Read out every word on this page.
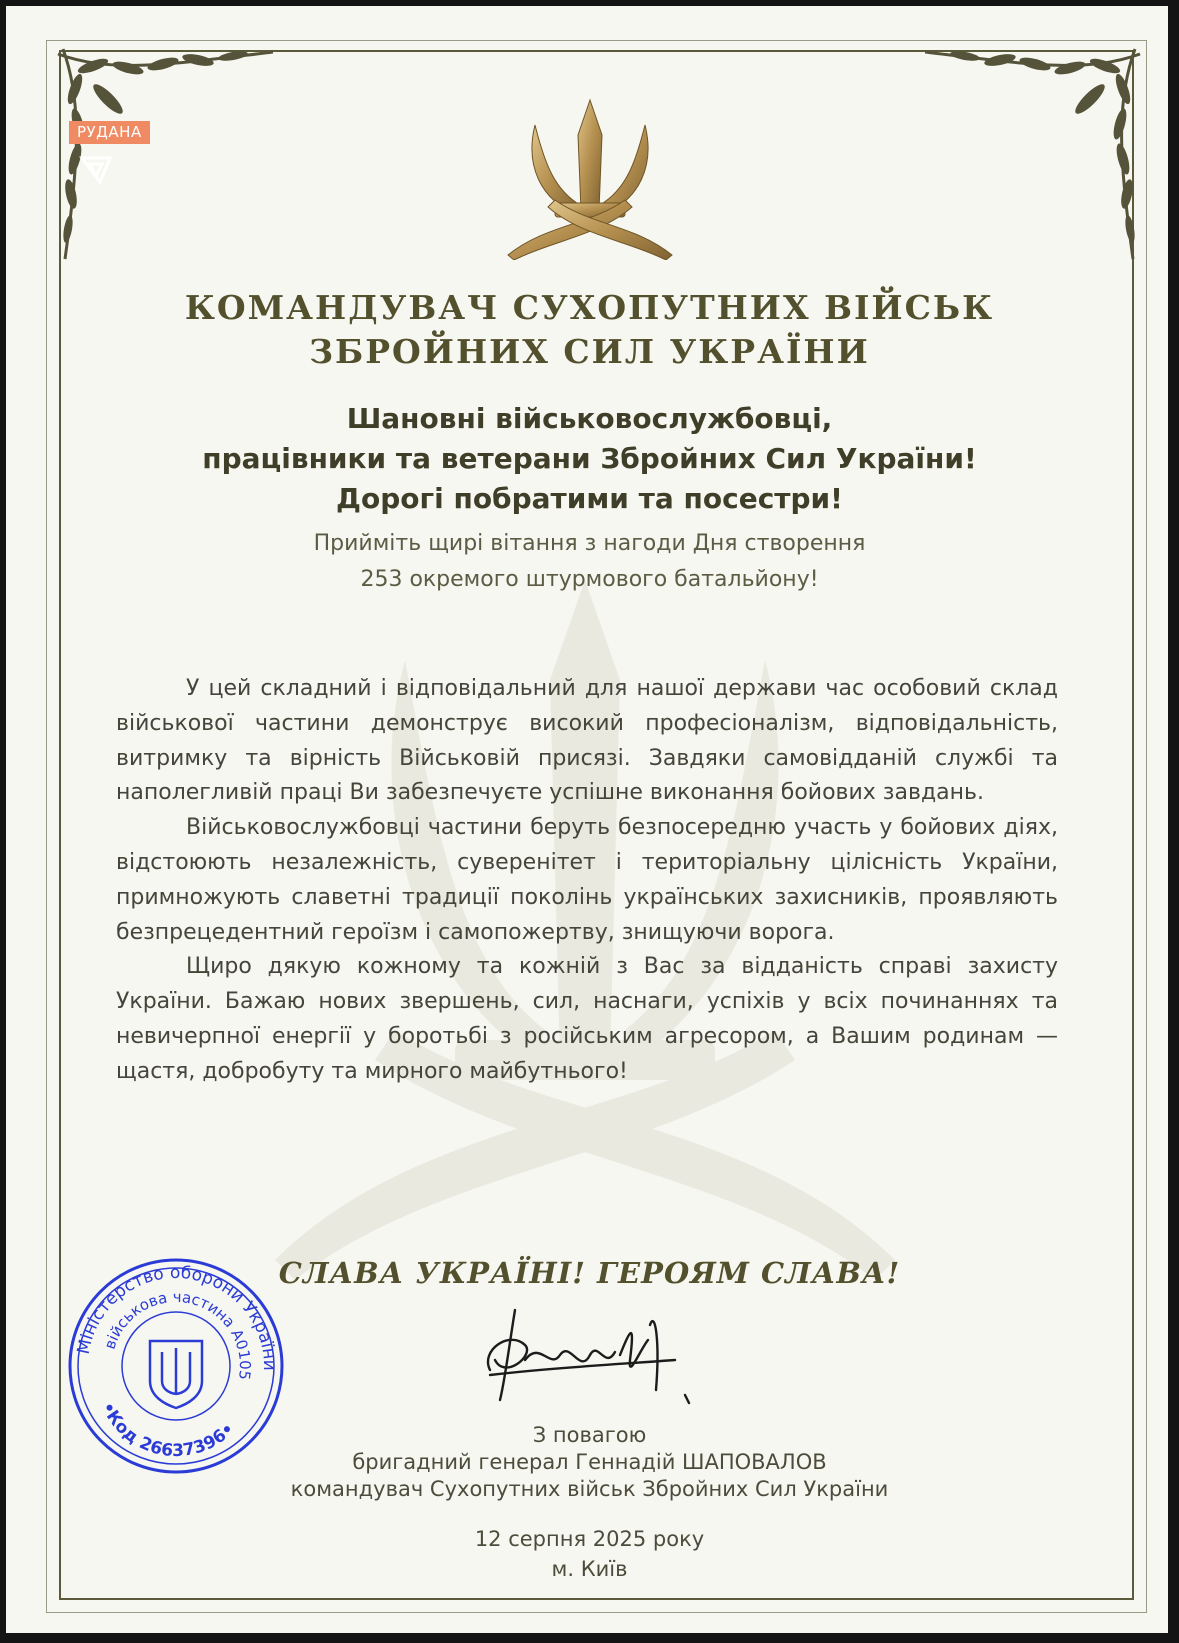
РУДАНА
КОМАНДУВАЧ СУХОПУТНИХ ВІЙСЬК
ЗБРОЙНИХ СИЛ УКРАЇНИ
Шановні військовослужбовці,
працівники та ветерани Збройних Сил України!
Дорогі побратими та посестри!
Прийміть щирі вітання з нагоди Дня створення
253 окремого штурмового батальйону!

У цей складний і відповідальний для нашої держави час особовий склад військової частини демонструє високий професіоналізм, відповідальність, витримку та вірність Військовій присязі. Завдяки самовідданій службі та наполегливій праці Ви забезпечуєте успішне виконання бойових завдань.

Військовослужбовці частини беруть безпосередню участь у бойових діях, відстоюють незалежність, суверенітет і територіальну цілісність України, примножують славетні традиції поколінь українських захисників, проявляють безпрецедентний героїзм і самопожертву, знищуючи ворога.

Щиро дякую кожному та кожній з Вас за відданість справі захисту України. Бажаю нових звершень, сил, наснаги, успіхів у всіх починаннях та невичерпної енергії у боротьбі з російським агресором, а Вашим родинам — щастя, добробуту та мирного майбутнього!

СЛАВА УКРАЇНІ! ГЕРОЯМ СЛАВА!
Міністерство оборони України
військова частина А0105
•Код 26637396•	З повагою
бригадний генерал Геннадій ШАПОВАЛОВ
командувач Сухопутних військ Збройних Сил України
12 серпня 2025 року
м. Київ
